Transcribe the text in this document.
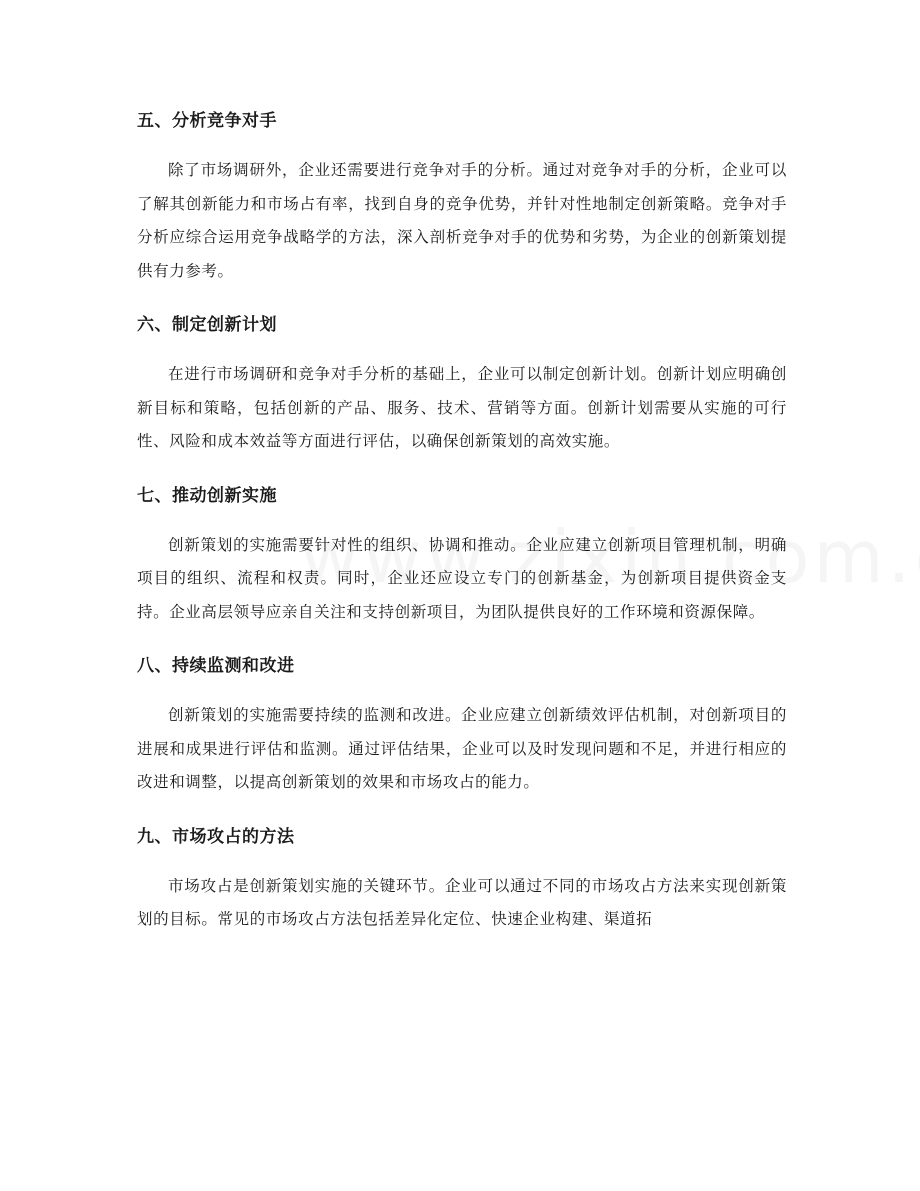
五、分析竞争对手

除了市场调研外，企业还需要进行竞争对手的分析。通过对竞争对手的分析，企业可以了解其创新能力和市场占有率，找到自身的竞争优势，并针对性地制定创新策略。竞争对手分析应综合运用竞争战略学的方法，深入剖析竞争对手的优势和劣势，为企业的创新策划提供有力参考。

六、制定创新计划

在进行市场调研和竞争对手分析的基础上，企业可以制定创新计划。创新计划应明确创新目标和策略，包括创新的产品、服务、技术、营销等方面。创新计划需要从实施的可行性、风险和成本效益等方面进行评估，以确保创新策划的高效实施。

七、推动创新实施

创新策划的实施需要针对性的组织、协调和推动。企业应建立创新项目管理机制，明确项目的组织、流程和权责。同时，企业还应设立专门的创新基金，为创新项目提供资金支持。企业高层领导应亲自关注和支持创新项目，为团队提供良好的工作环境和资源保障。

八、持续监测和改进

创新策划的实施需要持续的监测和改进。企业应建立创新绩效评估机制，对创新项目的进展和成果进行评估和监测。通过评估结果，企业可以及时发现问题和不足，并进行相应的改进和调整，以提高创新策划的效果和市场攻占的能力。

九、市场攻占的方法

市场攻占是创新策划实施的关键环节。企业可以通过不同的市场攻占方法来实现创新策划的目标。常见的市场攻占方法包括差异化定位、快速企业构建、渠道拓
